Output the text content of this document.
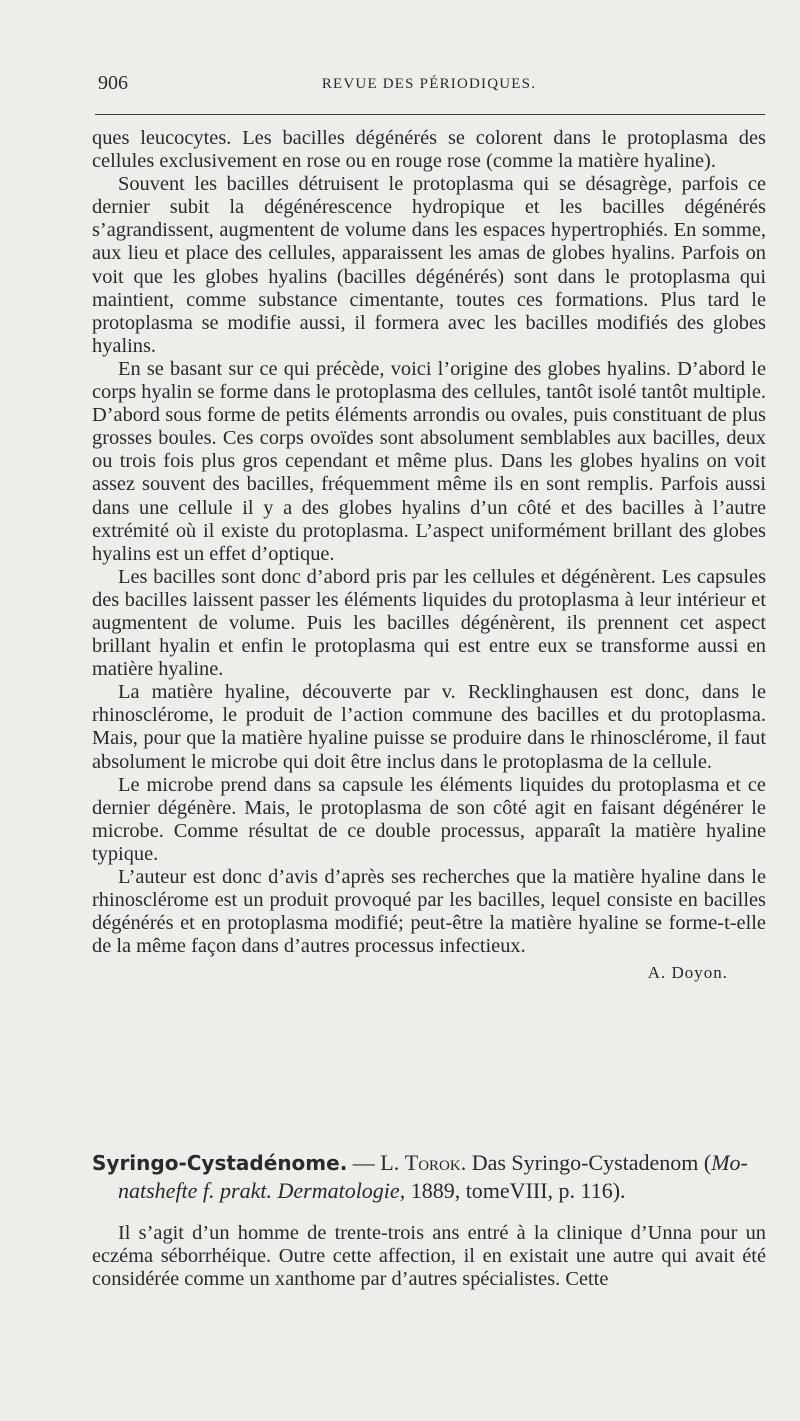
906	REVUE DES PÉRIODIQUES.

ques leucocytes. Les bacilles dégénérés se colorent dans le protoplasma des cellules exclusivement en rose ou en rouge rose (comme la matière hyaline).

Souvent les bacilles détruisent le protoplasma qui se désagrège, parfois ce dernier subit la dégénérescence hydropique et les bacilles dégénérés s’agrandissent, augmentent de volume dans les espaces hypertrophiés. En somme, aux lieu et place des cellules, apparaissent les amas de globes hyalins. Parfois on voit que les globes hyalins (bacilles dégénérés) sont dans le protoplasma qui maintient, comme substance cimentante, toutes ces formations. Plus tard le protoplasma se modifie aussi, il formera avec les bacilles modifiés des globes hyalins.

En se basant sur ce qui précède, voici l’origine des globes hyalins. D’abord le corps hyalin se forme dans le protoplasma des cellules, tantôt isolé tantôt multiple. D’abord sous forme de petits éléments arrondis ou ovales, puis constituant de plus grosses boules. Ces corps ovoïdes sont absolument semblables aux bacilles, deux ou trois fois plus gros cependant et même plus. Dans les globes hyalins on voit assez souvent des bacilles, fréquemment même ils en sont remplis. Parfois aussi dans une cellule il y a des globes hyalins d’un côté et des bacilles à l’autre extrémité où il existe du protoplasma. L’aspect uniformément brillant des globes hyalins est un effet d’optique.

Les bacilles sont donc d’abord pris par les cellules et dégénèrent. Les capsules des bacilles laissent passer les éléments liquides du protoplasma à leur intérieur et augmentent de volume. Puis les bacilles dégénèrent, ils prennent cet aspect brillant hyalin et enfin le protoplasma qui est entre eux se transforme aussi en matière hyaline.

La matière hyaline, découverte par v. Recklinghausen est donc, dans le rhinosclérome, le produit de l’action commune des bacilles et du protoplasma. Mais, pour que la matière hyaline puisse se produire dans le rhinosclérome, il faut absolument le microbe qui doit être inclus dans le protoplasma de la cellule.

Le microbe prend dans sa capsule les éléments liquides du protoplasma et ce dernier dégénère. Mais, le protoplasma de son côté agit en faisant dégénérer le microbe. Comme résultat de ce double processus, apparaît la matière hyaline typique.

L’auteur est donc d’avis d’après ses recherches que la matière hyaline dans le rhinosclérome est un produit provoqué par les bacilles, lequel consiste en bacilles dégénérés et en protoplasma modifié; peut-être la matière hyaline se forme-t-elle de la même façon dans d’autres processus infectieux.

A. Doyon.
Syringo-Cystadénome. — L. Torok. Das Syringo-Cystadenom (Mo-
natshefte f. prakt. Dermatologie, 1889, tomeVIII, p. 116).

Il s’agit d’un homme de trente-trois ans entré à la clinique d’Unna pour un eczéma séborrhéique. Outre cette affection, il en existait une autre qui avait été considérée comme un xanthome par d’autres spécialistes. Cette
